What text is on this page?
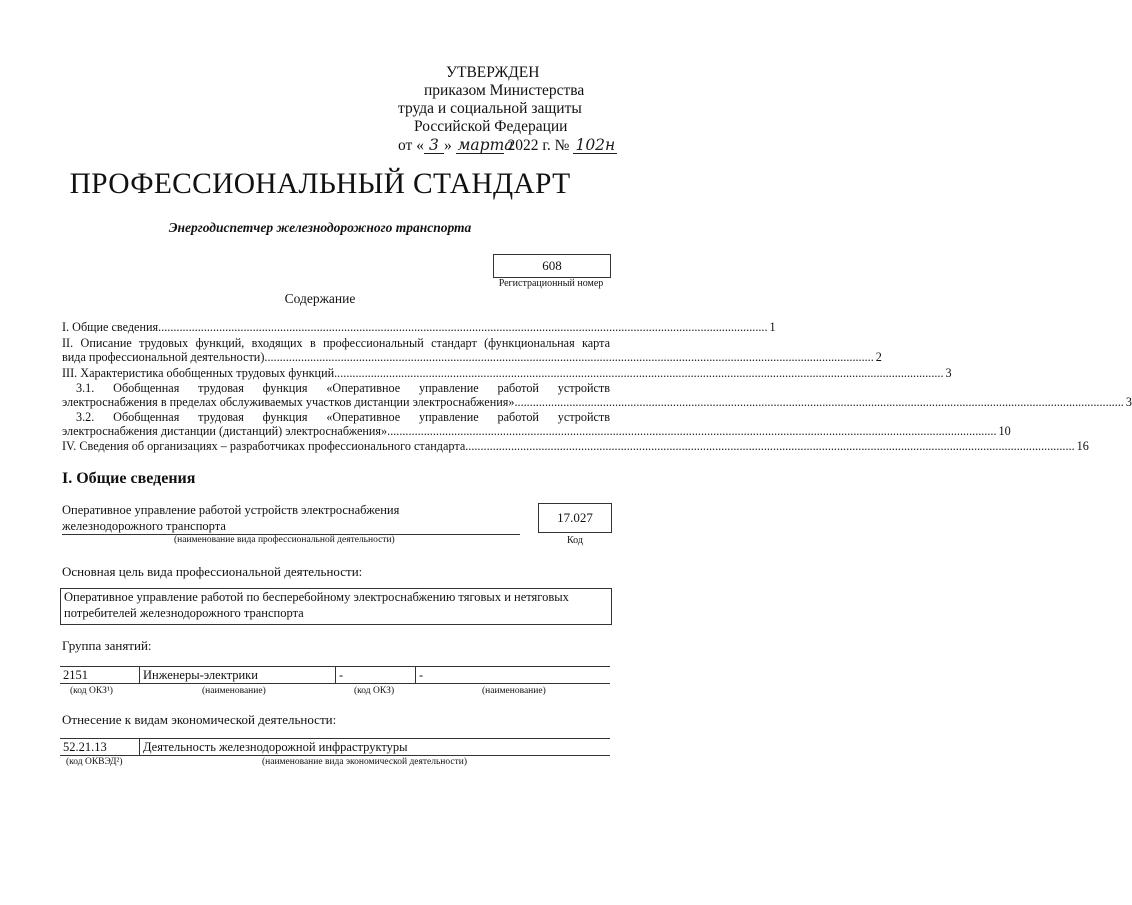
УТВЕРЖДЕН
приказом Министерства
труда и социальной защиты
Российской Федерации
от « 3 » марта 2022 г. № 102н
ПРОФЕССИОНАЛЬНЫЙ СТАНДАРТ
Энергодиспетчер железнодорожного транспорта
608
Регистрационный номер
Содержание
I. Общие сведения ........................................................................................................................................................................................................ 1
II. Описание трудовых функций, входящих в профессиональный стандарт (функциональная карта
вида профессиональной деятельности) ........................................................................................................................................................................................................ 2
III. Характеристика обобщенных трудовых функций ........................................................................................................................................................................................................ 3
3.1. Обобщенная трудовая функция «Оперативное управление работой устройств
электроснабжения в пределах обслуживаемых участков дистанции электроснабжения» ........................................................................................................................................................................................................ 3
3.2. Обобщенная трудовая функция «Оперативное управление работой устройств
электроснабжения дистанции (дистанций) электроснабжения» ........................................................................................................................................................................................................ 10
IV. Сведения об организациях – разработчиках профессионального стандарта ........................................................................................................................................................................................................ 16
I. Общие сведения
Оперативное управление работой устройств электроснабжения
железнодорожного транспорта
(наименование вида профессиональной деятельности)
17.027
Код
Основная цель вида профессиональной деятельности:
Оперативное управление работой по бесперебойному электроснабжению тяговых и нетяговых
потребителей железнодорожного транспорта
Группа занятий:
2151	Инженеры-электрики	-	-
(код ОКЗ¹)	(наименование)	(код ОКЗ)	(наименование)
Отнесение к видам экономической деятельности:
52.21.13	Деятельность железнодорожной инфраструктуры
(код ОКВЭД²)	(наименование вида экономической деятельности)
